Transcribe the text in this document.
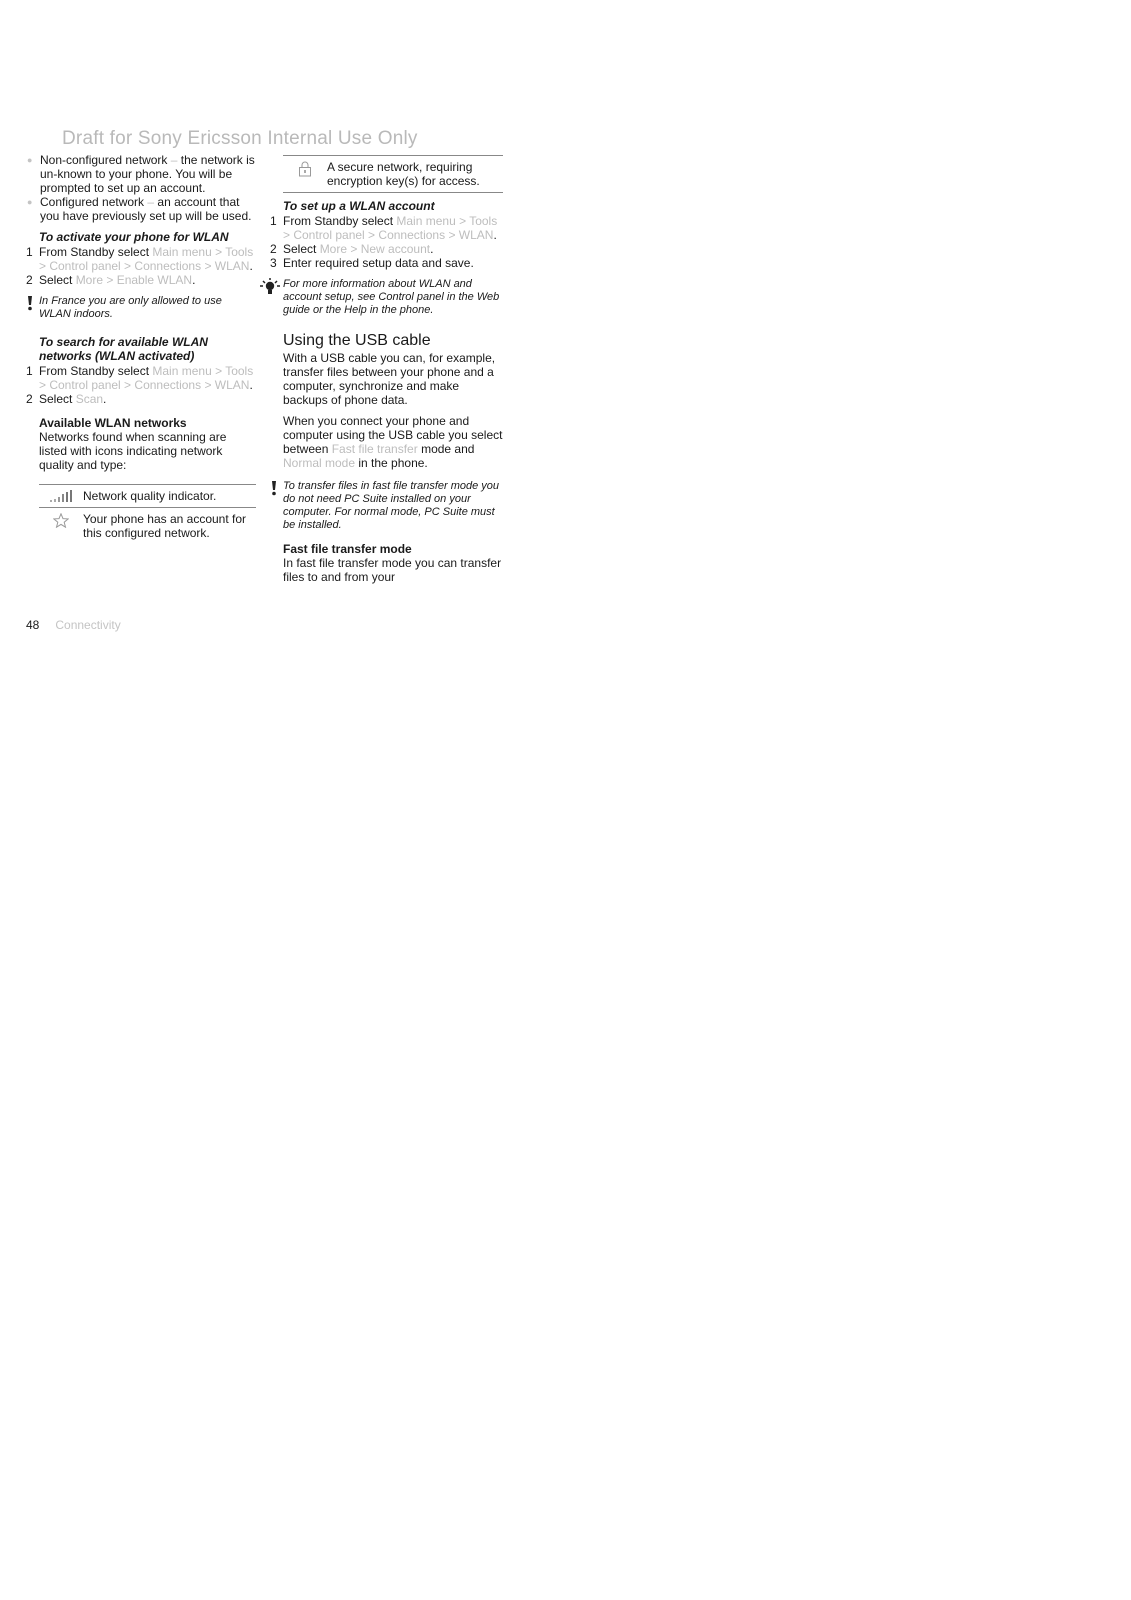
Draft for Sony Ericsson Internal Use Only
● Non-configured network – the network is un-known to your phone. You will be prompted to set up an account.
● Configured network – an account that you have previously set up will be used.
To activate your phone for WLAN
1 From Standby select Main menu > Tools > Control panel > Connections > WLAN.
2 Select More > Enable WLAN.
In France you are only allowed to use WLAN indoors.
To search for available WLAN networks (WLAN activated)
1 From Standby select Main menu > Tools > Control panel > Connections > WLAN.
2 Select Scan.
Available WLAN networks
Networks found when scanning are listed with icons indicating network quality and type:
Network quality indicator.
Your phone has an account for this configured network.
A secure network, requiring encryption key(s) for access.
To set up a WLAN account
1 From Standby select Main menu > Tools > Control panel > Connections > WLAN.
2 Select More > New account.
3 Enter required setup data and save.
For more information about WLAN and account setup, see Control panel in the Web guide or the Help in the phone.
Using the USB cable
With a USB cable you can, for example, transfer files between your phone and a computer, synchronize and make backups of phone data.
When you connect your phone and computer using the USB cable you select between Fast file transfer mode and Normal mode in the phone.
To transfer files in fast file transfer mode you do not need PC Suite installed on your computer. For normal mode, PC Suite must be installed.
Fast file transfer mode
In fast file transfer mode you can transfer files to and from your
48 Connectivity
